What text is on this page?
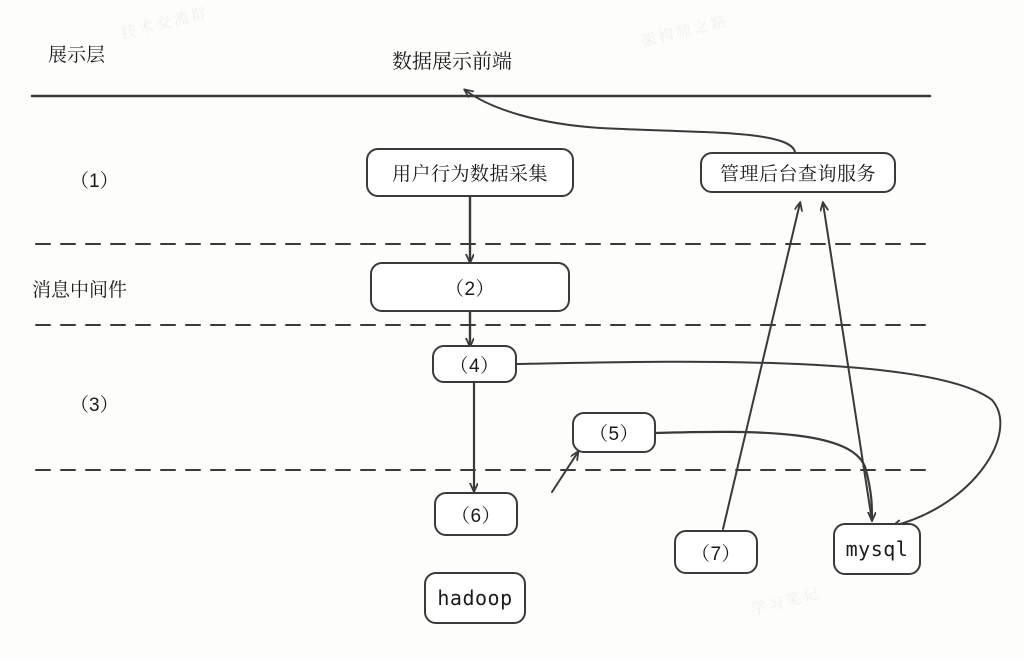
展示层
（1）
消息中间件
（3）
数据展示前端
用户行为数据采集	管理后台查询服务
（2）
（4）
（5）
（6）
（7）
hadoop
mysql
技术交流群	架构师之路
学习笔记
